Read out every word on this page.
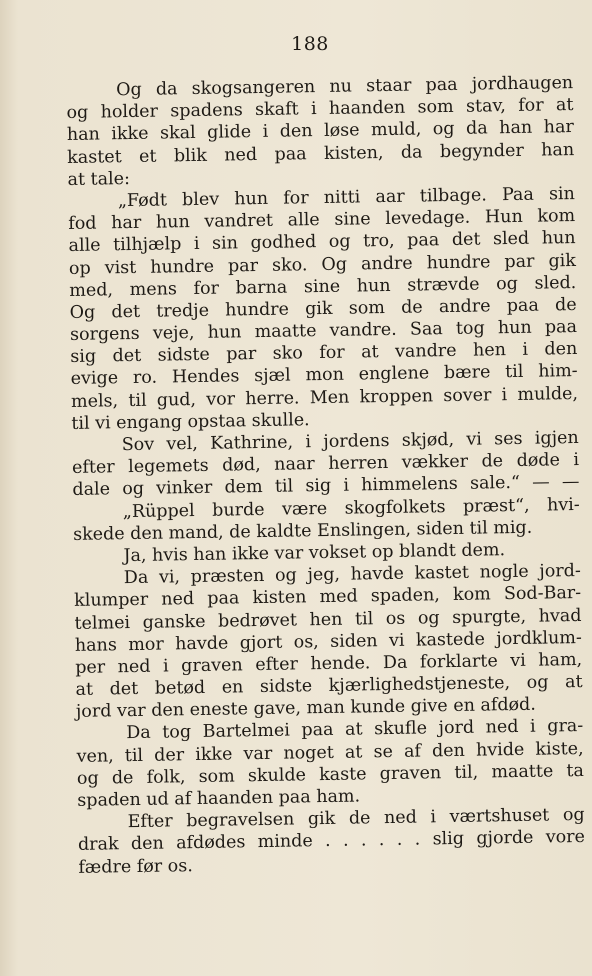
188
Og da skogsangeren nu staar paa jordhaugen
og holder spadens skaft i haanden som stav, for at
han ikke skal glide i den løse muld, og da han har
kastet et blik ned paa kisten, da begynder han
at tale:
„Født blev hun for nitti aar tilbage. Paa sin
fod har hun vandret alle sine levedage. Hun kom
alle tilhjælp i sin godhed og tro, paa det sled hun
op vist hundre par sko. Og andre hundre par gik
med, mens for barna sine hun strævde og sled.
Og det tredje hundre gik som de andre paa de
sorgens veje, hun maatte vandre. Saa tog hun paa
sig det sidste par sko for at vandre hen i den
evige ro. Hendes sjæl mon englene bære til him-
mels, til gud, vor herre. Men kroppen sover i mulde,
til vi engang opstaa skulle.
Sov vel, Kathrine, i jordens skjød, vi ses igjen
efter legemets død, naar herren vækker de døde i
dale og vinker dem til sig i himmelens sale.“ — —
„Rüppel burde være skogfolkets præst“, hvi-
skede den mand, de kaldte Enslingen, siden til mig.
Ja, hvis han ikke var vokset op blandt dem.
Da vi, præsten og jeg, havde kastet nogle jord-
klumper ned paa kisten med spaden, kom Sod-Bar-
telmei ganske bedrøvet hen til os og spurgte, hvad
hans mor havde gjort os, siden vi kastede jordklum-
per ned i graven efter hende. Da forklarte vi ham,
at det betød en sidste kjærlighedstjeneste, og at
jord var den eneste gave, man kunde give en afdød.
Da tog Bartelmei paa at skufle jord ned i gra-
ven, til der ikke var noget at se af den hvide kiste,
og de folk, som skulde kaste graven til, maatte ta
spaden ud af haanden paa ham.
Efter begravelsen gik de ned i værtshuset og
drak den afdødes minde . . . . . . slig gjorde vore
fædre før os.
